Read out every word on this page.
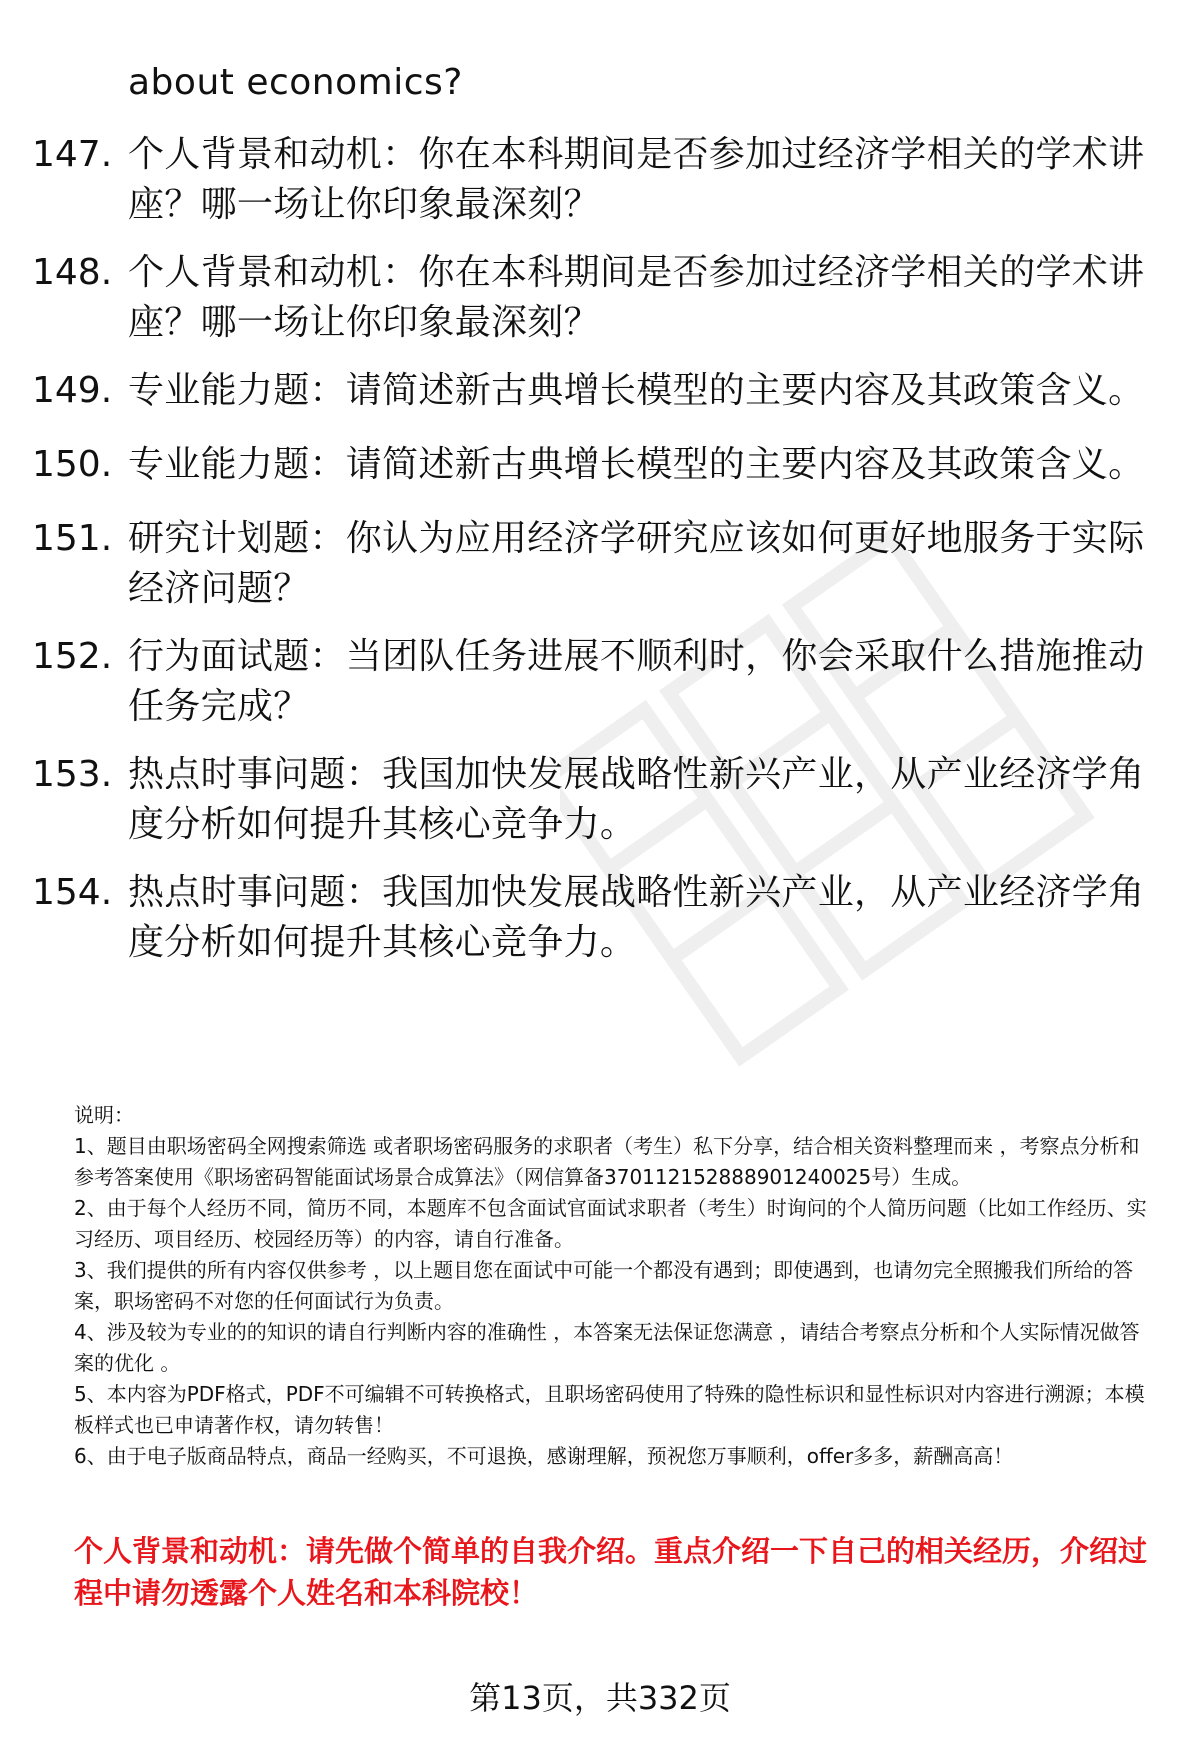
about economics?
147. 个人背景和动机：你在本科期间是否参加过经济学相关的学术讲座？哪一场让你印象最深刻？
148. 个人背景和动机：你在本科期间是否参加过经济学相关的学术讲座？哪一场让你印象最深刻？
149. 专业能力题：请简述新古典增长模型的主要内容及其政策含义。
150. 专业能力题：请简述新古典增长模型的主要内容及其政策含义。
151. 研究计划题：你认为应用经济学研究应该如何更好地服务于实际经济问题？
152. 行为面试题：当团队任务进展不顺利时，你会采取什么措施推动任务完成？
153. 热点时事问题：我国加快发展战略性新兴产业，从产业经济学角度分析如何提升其核心竞争力。
154. 热点时事问题：我国加快发展战略性新兴产业，从产业经济学角度分析如何提升其核心竞争力。

说明：

1、题目由职场密码全网搜索筛选 或者职场密码服务的求职者（考生）私下分享，结合相关资料整理而来 ，考察点分析和参考答案使用《职场密码智能面试场景合成算法》（网信算备370112152888901240025号）生成。

2、由于每个人经历不同，简历不同，本题库不包含面试官面试求职者（考生）时询问的个人简历问题（比如工作经历、实习经历、项目经历、校园经历等）的内容，请自行准备。

3、我们提供的所有内容仅供参考 ，以上题目您在面试中可能一个都没有遇到；即使遇到，也请勿完全照搬我们所给的答案，职场密码不对您的任何面试行为负责。

4、涉及较为专业的的知识的请自行判断内容的准确性 ，本答案无法保证您满意 ，请结合考察点分析和个人实际情况做答案的优化 。

5、本内容为PDF格式，PDF不可编辑不可转换格式，且职场密码使用了特殊的隐性标识和显性标识对内容进行溯源；本模板样式也已申请著作权，请勿转售！

6、由于电子版商品特点，商品一经购买，不可退换，感谢理解，预祝您万事顺利，offer多多，薪酬高高！

个人背景和动机：请先做个简单的自我介绍。重点介绍一下自己的相关经历，介绍过程中请勿透露个人姓名和本科院校！
第13页，共332页
